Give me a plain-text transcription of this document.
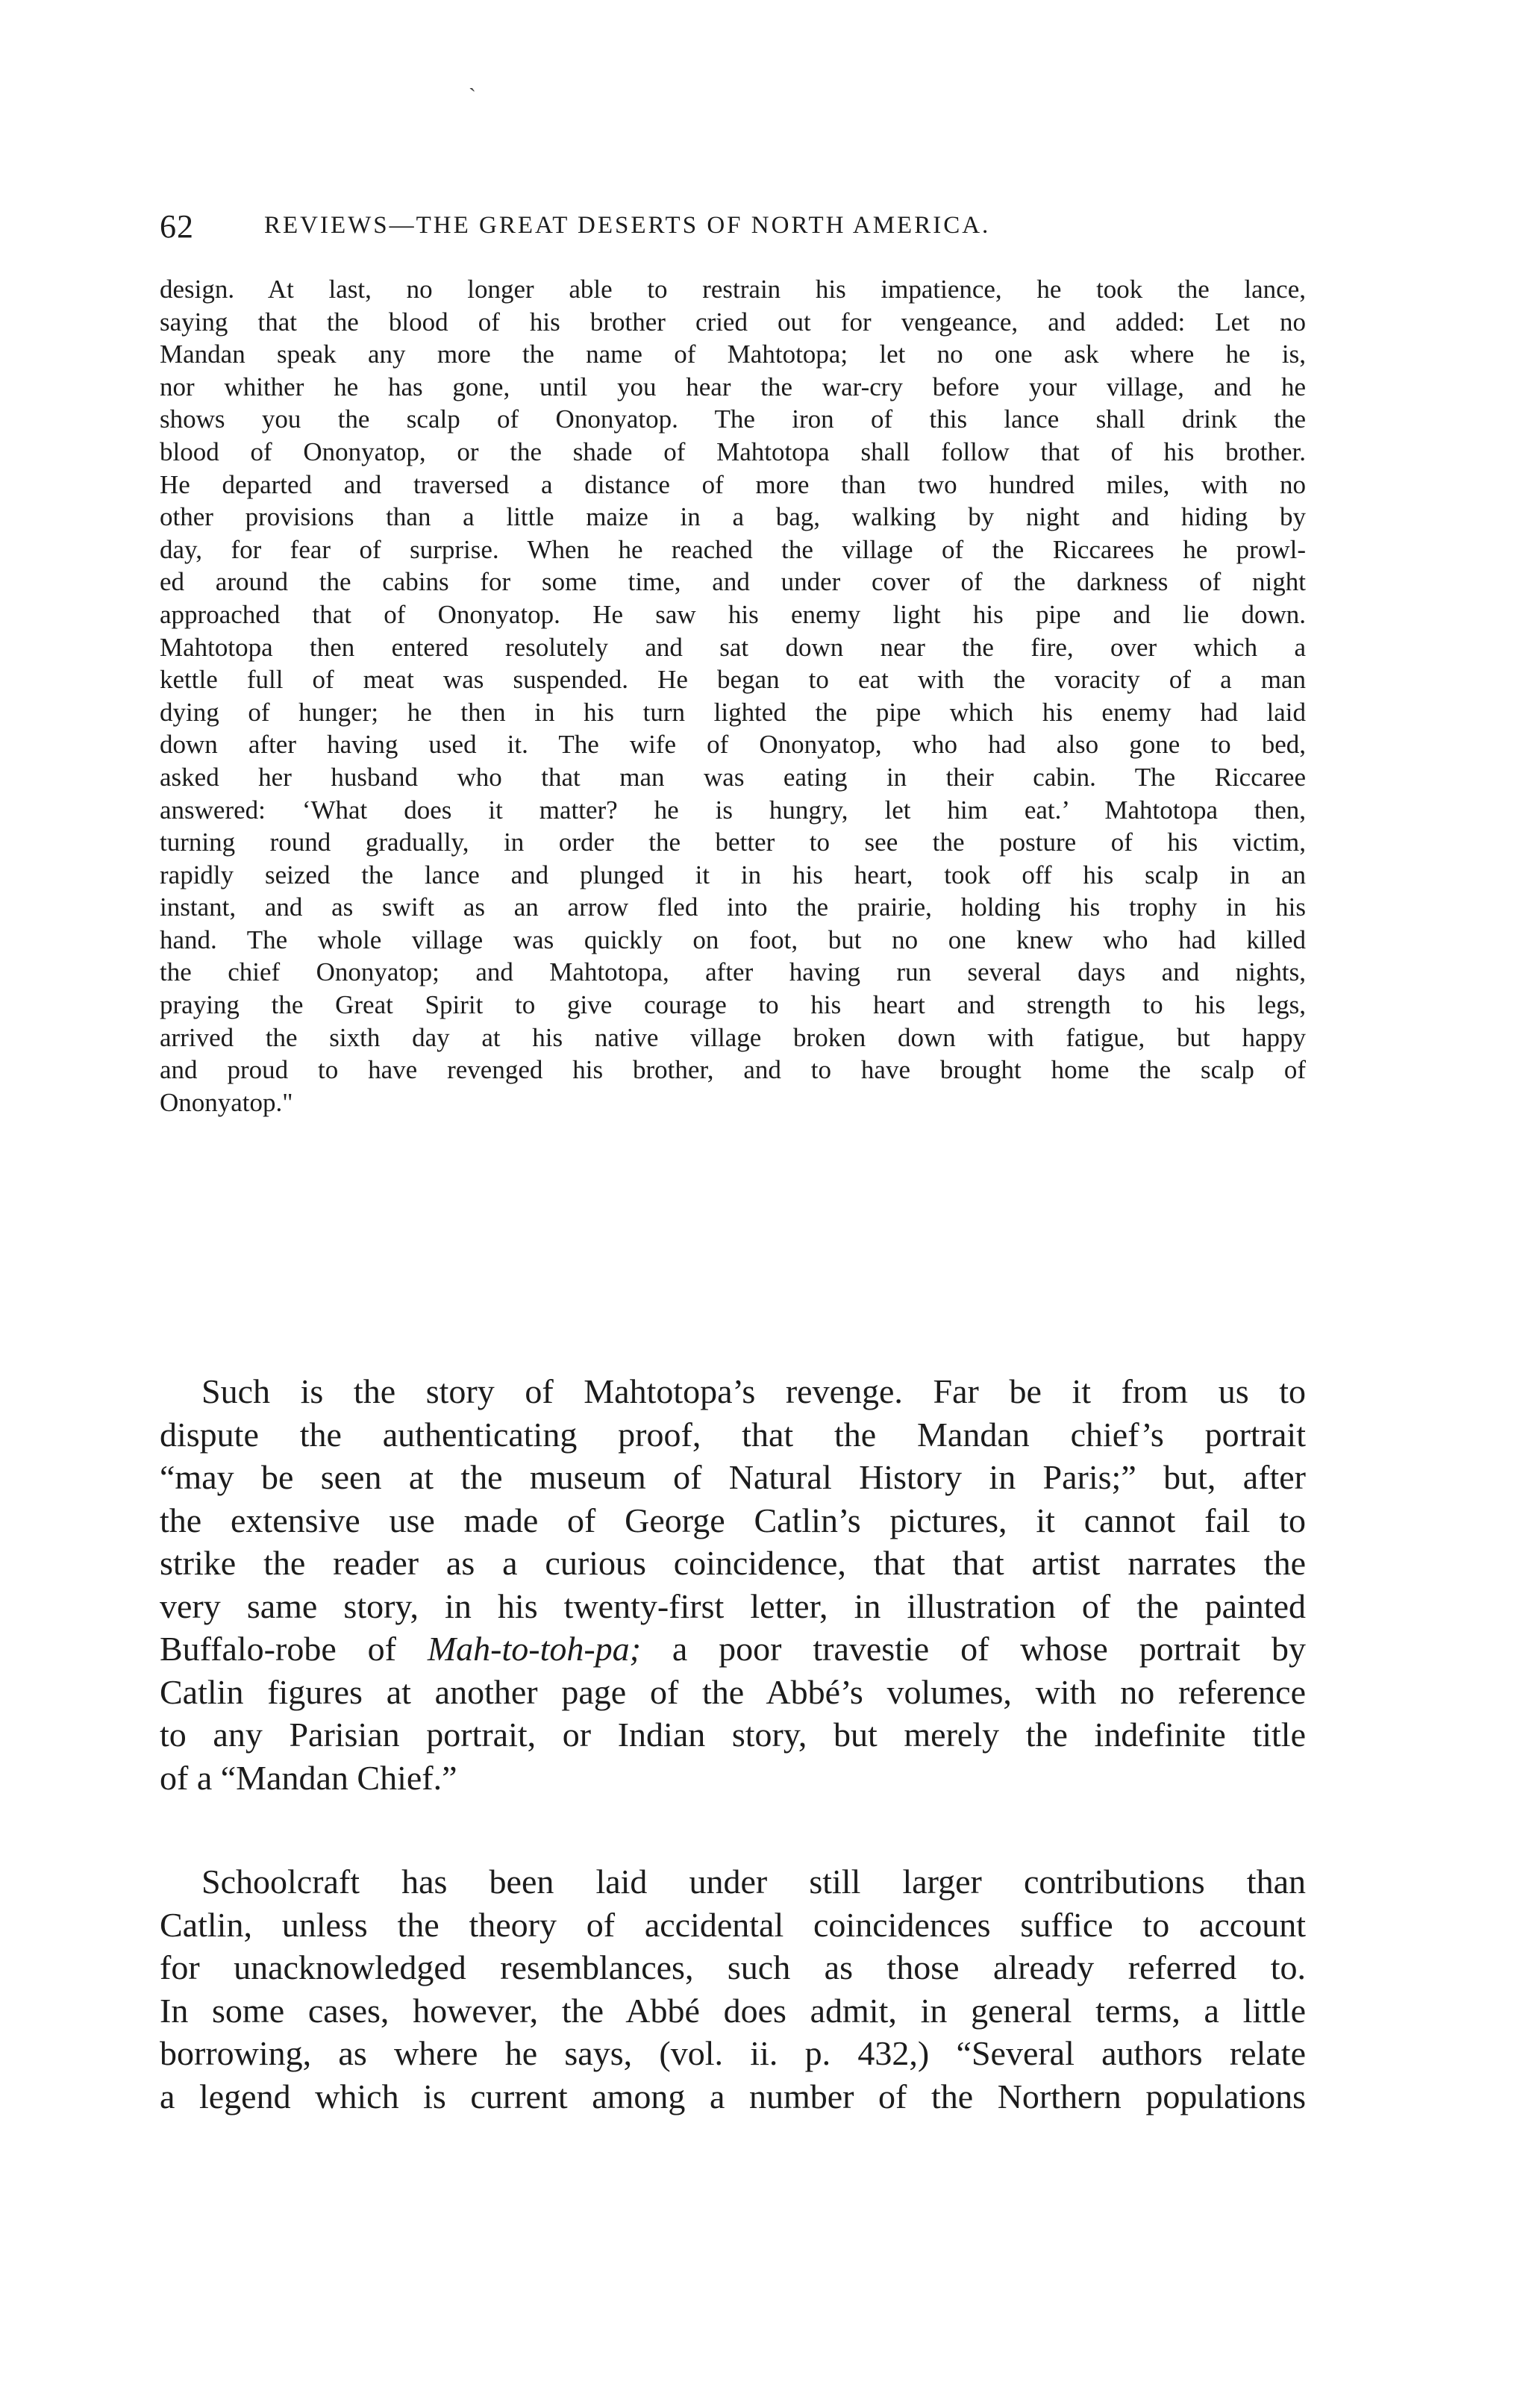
ˎ
62	REVIEWS—THE GREAT DESERTS OF NORTH AMERICA.
design. At last, no longer able to restrain his impatience, he took the lance,
saying that the blood of his brother cried out for vengeance, and added: Let no
Mandan speak any more the name of Mahtotopa; let no one ask where he is,
nor whither he has gone, until you hear the war-cry before your village, and he
shows you the scalp of Ononyatop. The iron of this lance shall drink the
blood of Ononyatop, or the shade of Mahtotopa shall follow that of his brother.
He departed and traversed a distance of more than two hundred miles, with no
other provisions than a little maize in a bag, walking by night and hiding by
day, for fear of surprise. When he reached the village of the Riccarees he prowl-
ed around the cabins for some time, and under cover of the darkness of night
approached that of Ononyatop. He saw his enemy light his pipe and lie down.
Mahtotopa then entered resolutely and sat down near the fire, over which a
kettle full of meat was suspended. He began to eat with the voracity of a man
dying of hunger; he then in his turn lighted the pipe which his enemy had laid
down after having used it. The wife of Ononyatop, who had also gone to bed,
asked her husband who that man was eating in their cabin. The Riccaree
answered: ‘What does it matter? he is hungry, let him eat.’ Mahtotopa then,
turning round gradually, in order the better to see the posture of his victim,
rapidly seized the lance and plunged it in his heart, took off his scalp in an
instant, and as swift as an arrow fled into the prairie, holding his trophy in his
hand. The whole village was quickly on foot, but no one knew who had killed
the chief Ononyatop; and Mahtotopa, after having run several days and nights,
praying the Great Spirit to give courage to his heart and strength to his legs,
arrived the sixth day at his native village broken down with fatigue, but happy
and proud to have revenged his brother, and to have brought home the scalp of
Ononyatop."
Such is the story of Mahtotopa’s revenge. Far be it from us to
dispute the authenticating proof, that the Mandan chief’s portrait
“may be seen at the museum of Natural History in Paris;” but, after
the extensive use made of George Catlin’s pictures, it cannot fail to
strike the reader as a curious coincidence, that that artist narrates the
very same story, in his twenty-first letter, in illustration of the painted
Buffalo-robe of Mah-to-toh-pa; a poor travestie of whose portrait by
Catlin figures at another page of the Abbé’s volumes, with no reference
to any Parisian portrait, or Indian story, but merely the indefinite title
of a “Mandan Chief.”
Schoolcraft has been laid under still larger contributions than
Catlin, unless the theory of accidental coincidences suffice to account
for unacknowledged resemblances, such as those already referred to.
In some cases, however, the Abbé does admit, in general terms, a little
borrowing, as where he says, (vol. ii. p. 432,) “Several authors relate
a legend which is current among a number of the Northern populations
